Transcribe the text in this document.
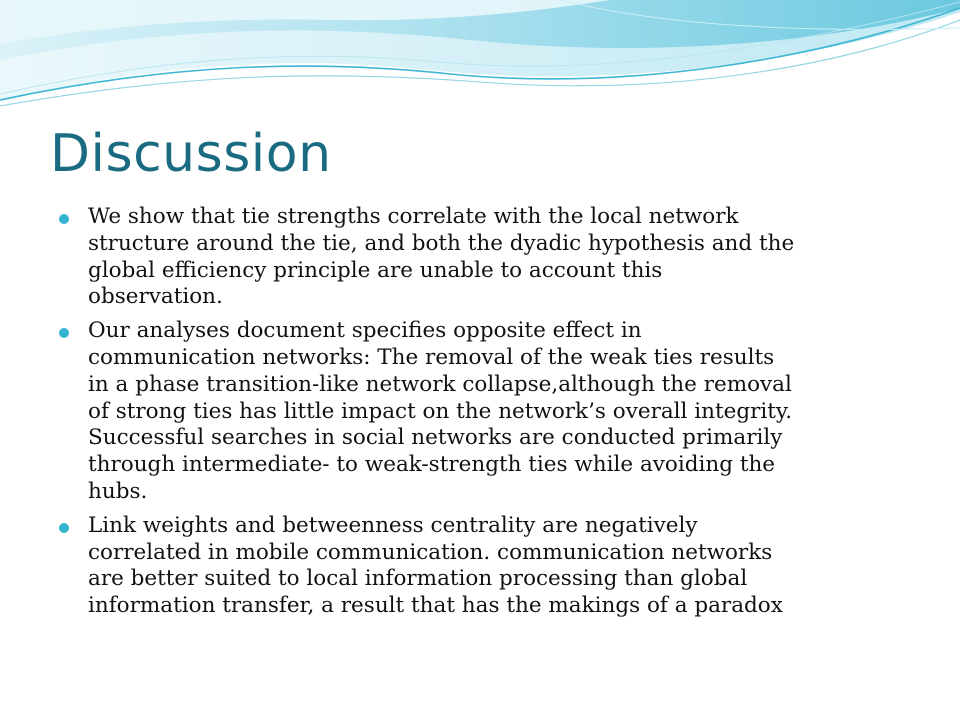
Discussion
We show that tie strengths correlate with the local network
structure around the tie, and both the dyadic hypothesis and the
global efficiency principle are unable to account this
observation.
Our analyses document specifies opposite effect in
communication networks: The removal of the weak ties results
in a phase transition-like network collapse,although the removal
of strong ties has little impact on the network’s overall integrity.
Successful searches in social networks are conducted primarily
through intermediate- to weak-strength ties while avoiding the
hubs.
Link weights and betweenness centrality are negatively
correlated in mobile communication. communication networks
are better suited to local information processing than global
information transfer, a result that has the makings of a paradox
